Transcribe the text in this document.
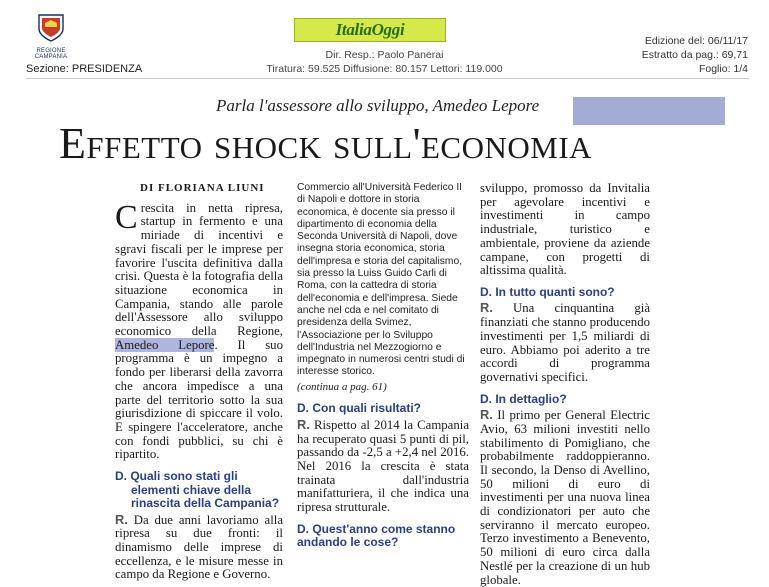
REGIONE CAMPANIA
Sezione: PRESIDENZA
ItaliaOggi
Dir. Resp.: Paolo Panerai
Tiratura: 59.525 Diffusione: 80.157 Lettori: 119.000
Edizione del: 06/11/17
Estratto da pag.: 69,71
Foglio: 1/4
Parla l'assessore allo sviluppo, Amedeo Lepore
Effetto shock sull'economia

DI FLORIANA LIUNI

Crescita in netta ripresa, startup in fermento e una miriade di incentivi e sgravi fiscali per le imprese per favorire l'uscita definitiva dalla crisi. Questa è la fotografia della situazione economica in Campania, stando alle parole dell'Assessore allo sviluppo economico della Regione, Amedeo Lepore. Il suo programma è un impegno a fondo per liberarsi della zavorra che ancora impedisce a una parte del territorio sotto la sua giurisdizione di spiccare il volo. E spingere l'acceleratore, anche con fondi pubblici, su chi è ripartito.

D. Quali sono stati gli elementi chiave della rinascita della Campania?

R. Da due anni lavoriamo alla ripresa su due fronti: il dinamismo delle imprese di eccellenza, e le misure messe in campo da Regione e Governo.

Commercio all'Università Federico II di Napoli e dottore in storia economica, è docente sia presso il dipartimento di economia della Seconda Università di Napoli, dove insegna storia economica, storia dell'impresa e storia del capitalismo, sia presso la Luiss Guido Carli di Roma, con la cattedra di storia dell'economia e dell'impresa. Siede anche nel cda e nel comitato di presidenza della Svimez, l'Associazione per lo Sviluppo dell'Industria nel Mezzogiorno e impegnato in numerosi centri studi di interesse storico.

(continua a pag. 61)

D. Con quali risultati?

R. Rispetto al 2014 la Campania ha recuperato quasi 5 punti di pil, passando da -2,5 a +2,4 nel 2016. Nel 2016 la crescita è stata trainata dall'industria manifatturiera, il che indica una ripresa strutturale.

D. Quest'anno come stanno andando le cose?

sviluppo, promosso da Invitalia per agevolare incentivi e investimenti in campo industriale, turistico e ambientale, proviene da aziende campane, con progetti di altissima qualità.

D. In tutto quanti sono?

R. Una cinquantina già finanziati che stanno producendo investimenti per 1,5 miliardi di euro. Abbiamo poi aderito a tre accordi di programma governativi specifici.

D. In dettaglio?

R. Il primo per General Electric Avio, 63 milioni investiti nello stabilimento di Pomigliano, che probabilmente raddoppieranno. Il secondo, la Denso di Avellino, 50 milioni di euro di investimenti per una nuova linea di condizionatori per auto che serviranno il mercato europeo. Terzo investimento a Benevento, 50 milioni di euro circa dalla Nestlé per la creazione di un hub globale.
